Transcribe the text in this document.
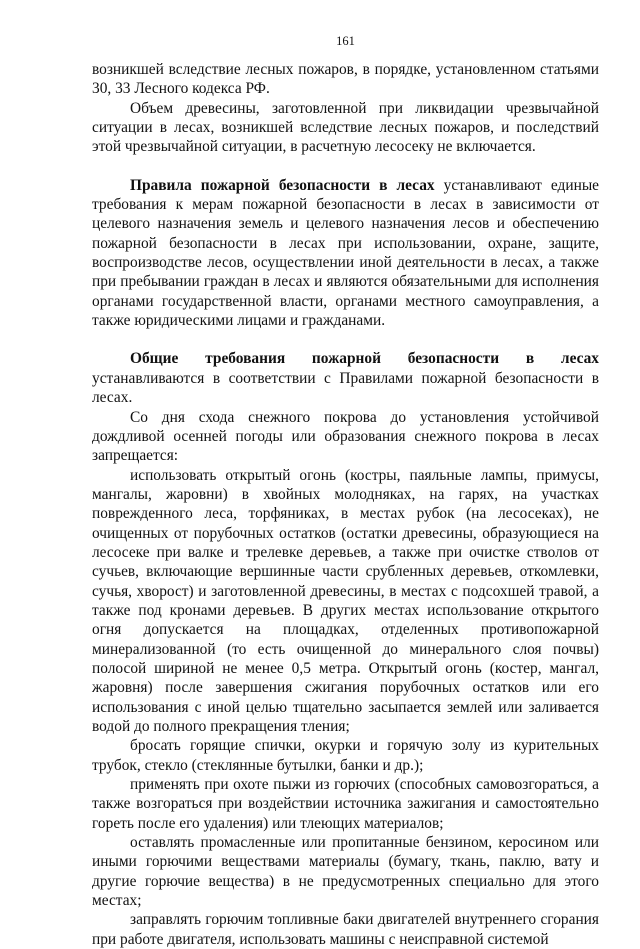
161

возникшей вследствие лесных пожаров, в порядке, установленном статьями 30, 33 Лесного кодекса РФ.

Объем древесины, заготовленной при ликвидации чрезвычайной ситуации в лесах, возникшей вследствие лесных пожаров, и последствий этой чрезвычайной ситуации, в расчетную лесосеку не включается.

Правила пожарной безопасности в лесах устанавливают единые требования к мерам пожарной безопасности в лесах в зависимости от целевого назначения земель и целевого назначения лесов и обеспечению пожарной безопасности в лесах при использовании, охране, защите, воспроизводстве лесов, осуществлении иной деятельности в лесах, а также при пребывании граждан в лесах и являются обязательными для исполнения органами государственной власти, органами местного самоуправления, а также юридическими лицами и гражданами.

Общие требования пожарной безопасности в лесах устанавливаются в соответствии с Правилами пожарной безопасности в лесах.

Со дня схода снежного покрова до установления устойчивой дождливой осенней погоды или образования снежного покрова в лесах запрещается:

использовать открытый огонь (костры, паяльные лампы, примусы, мангалы, жаровни) в хвойных молодняках, на гарях, на участках поврежденного леса, торфяниках, в местах рубок (на лесосеках), не очищенных от порубочных остатков (остатки древесины, образующиеся на лесосеке при валке и трелевке деревьев, а также при очистке стволов от сучьев, включающие вершинные части срубленных деревьев, откомлевки, сучья, хворост) и заготовленной древесины, в местах с подсохшей травой, а также под кронами деревьев. В других местах использование открытого огня допускается на площадках, отделенных противопожарной минерализованной (то есть очищенной до минерального слоя почвы) полосой шириной не менее 0,5 метра. Открытый огонь (костер, мангал, жаровня) после завершения сжигания порубочных остатков или его использования с иной целью тщательно засыпается землей или заливается водой до полного прекращения тления;

бросать горящие спички, окурки и горячую золу из курительных трубок, стекло (стеклянные бутылки, банки и др.);

применять при охоте пыжи из горючих (способных самовозгораться, а также возгораться при воздействии источника зажигания и самостоятельно гореть после его удаления) или тлеющих материалов;

оставлять промасленные или пропитанные бензином, керосином или иными горючими веществами материалы (бумагу, ткань, паклю, вату и другие горючие вещества) в не предусмотренных специально для этого местах;

заправлять горючим топливные баки двигателей внутреннего сгорания при работе двигателя, использовать машины с неисправной системой
